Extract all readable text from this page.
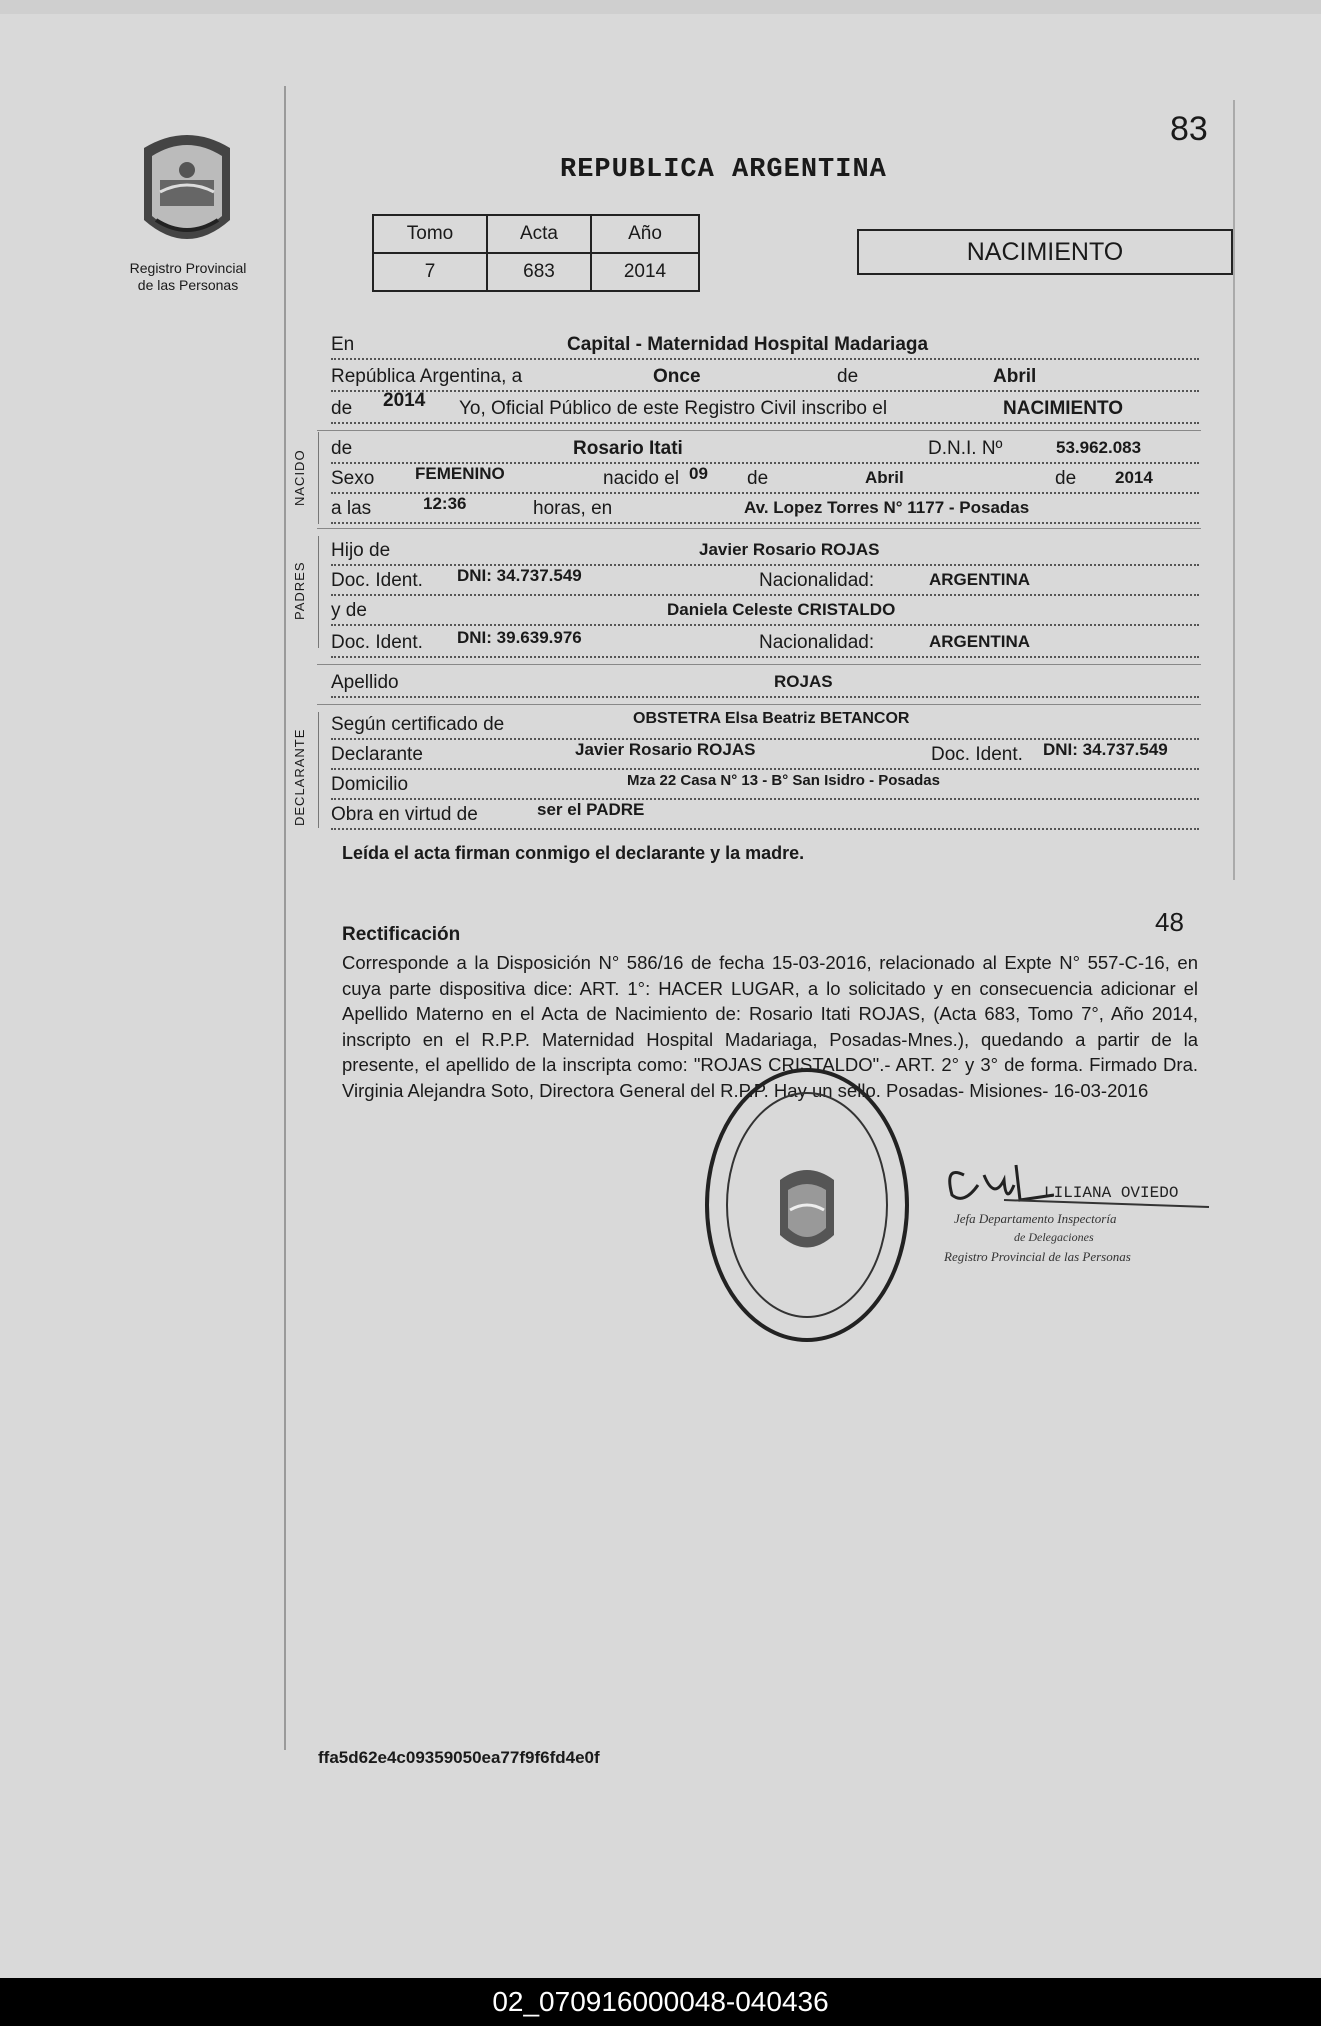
83
Registro Provincial
de las Personas
REPUBLICA ARGENTINA
Tomo	Acta	Año
7	683	2014
NACIMIENTO
En	Capital - Maternidad Hospital Madariaga
República Argentina, a	Once	de	Abril
de 2014 Yo, Oficial Público de este Registro Civil inscribo el	NACIMIENTO
NACIDO
de	Rosario Itati	D.N.I. Nº	53.962.083
Sexo FEMENINO	nacido el 09 de	Abril	de 2014
a las	12:36	horas, en	Av. Lopez Torres N° 1177 - Posadas
PADRES
Hijo de	Javier Rosario ROJAS
Doc. Ident. DNI: 34.737.549	Nacionalidad:	ARGENTINA
y de	Daniela Celeste CRISTALDO
Doc. Ident. DNI: 39.639.976	Nacionalidad:	ARGENTINA
Apellido	ROJAS
DECLARANTE
Según certificado de	OBSTETRA Elsa Beatriz BETANCOR
Declarante	Javier Rosario ROJAS	Doc. Ident. DNI: 34.737.549
Domicilio	Mza 22 Casa N° 13 - B° San Isidro - Posadas
Obra en virtud de	ser el PADRE
Leída el acta firman conmigo el declarante y la madre.
48
Rectificación
Corresponde a la Disposición N° 586/16 de fecha 15-03-2016, relacionado al Expte N° 557-C-16, en cuya parte dispositiva dice: ART. 1°: HACER LUGAR, a lo solicitado y en consecuencia adicionar el Apellido Materno en el Acta de Nacimiento de: Rosario Itati ROJAS, (Acta 683, Tomo 7°, Año 2014, inscripto en el R.P.P. Maternidad Hospital Madariaga, Posadas-Mnes.), quedando a partir de la presente, el apellido de la inscripta como: "ROJAS CRISTALDO".- ART. 2° y 3° de forma. Firmado Dra. Virginia Alejandra Soto, Directora General del R.P.P. Hay un sello. Posadas- Misiones- 16-03-2016
LILIANA OVIEDO
Jefa Departamento Inspectoría
de Delegaciones
Registro Provincial de las Personas
ffa5d62e4c09359050ea77f9f6fd4e0f
02_070916000048-040436
